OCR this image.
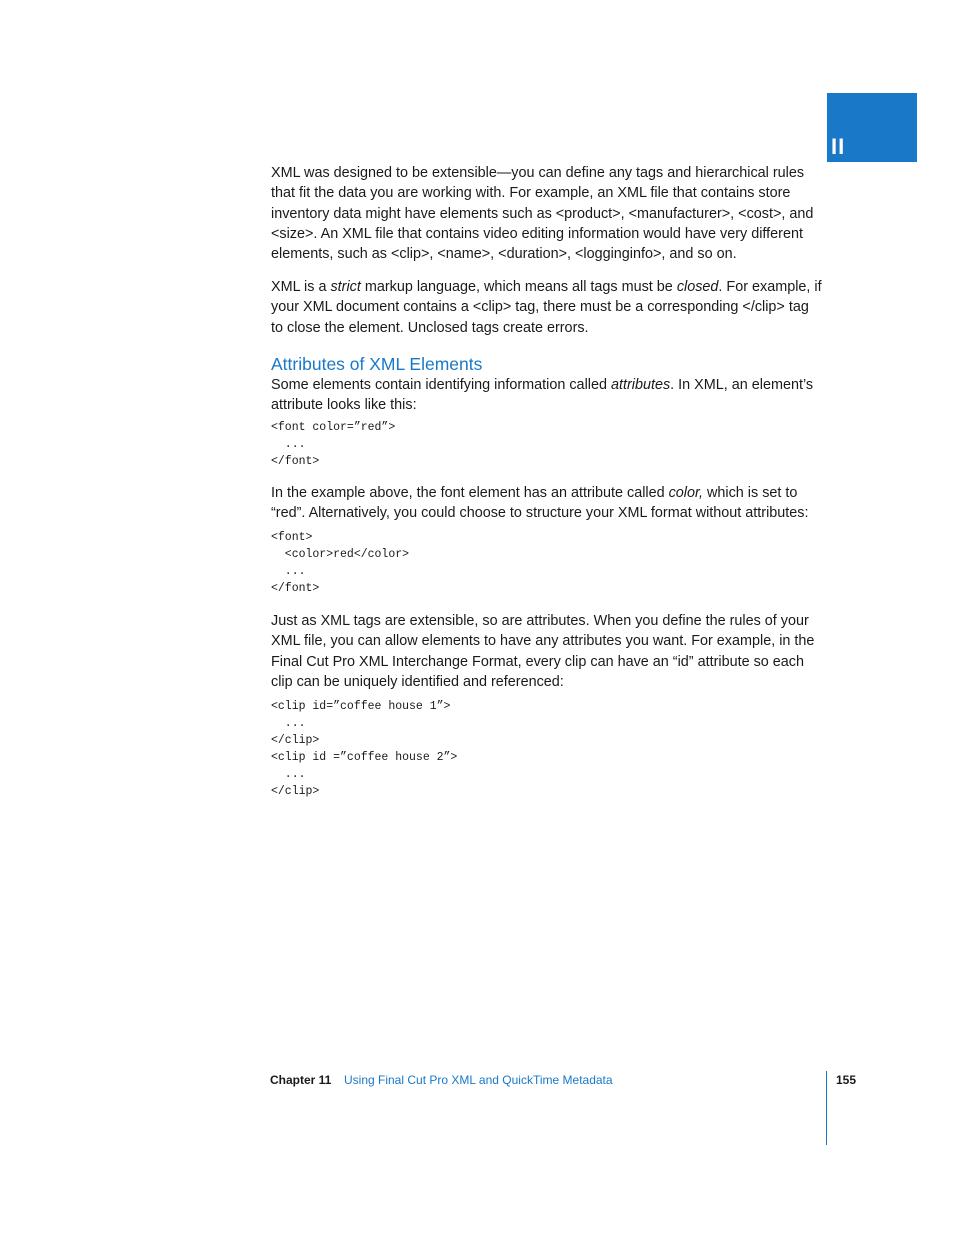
II

XML was designed to be extensible—you can define any tags and hierarchical rules that fit the data you are working with. For example, an XML file that contains store inventory data might have elements such as <product>, <manufacturer>, <cost>, and <size>. An XML file that contains video editing information would have very different elements, such as <clip>, <name>, <duration>, <logginginfo>, and so on.

XML is a strict markup language, which means all tags must be closed. For example, if your XML document contains a <clip> tag, there must be a corresponding </clip> tag to close the element. Unclosed tags create errors.

Attributes of XML Elements

Some elements contain identifying information called attributes. In XML, an element’s attribute looks like this:

<font color=”red”>
...
</font>

In the example above, the font element has an attribute called color, which is set to “red”. Alternatively, you could choose to structure your XML format without attributes:

<font>
<color>red</color>
...
</font>

Just as XML tags are extensible, so are attributes. When you define the rules of your XML file, you can allow elements to have any attributes you want. For example, in the Final Cut Pro XML Interchange Format, every clip can have an “id” attribute so each clip can be uniquely identified and referenced:

<clip id=”coffee house 1”>
...
</clip>
<clip id =”coffee house 2”>
...
</clip>
Chapter 11 Using Final Cut Pro XML and QuickTime Metadata	155
